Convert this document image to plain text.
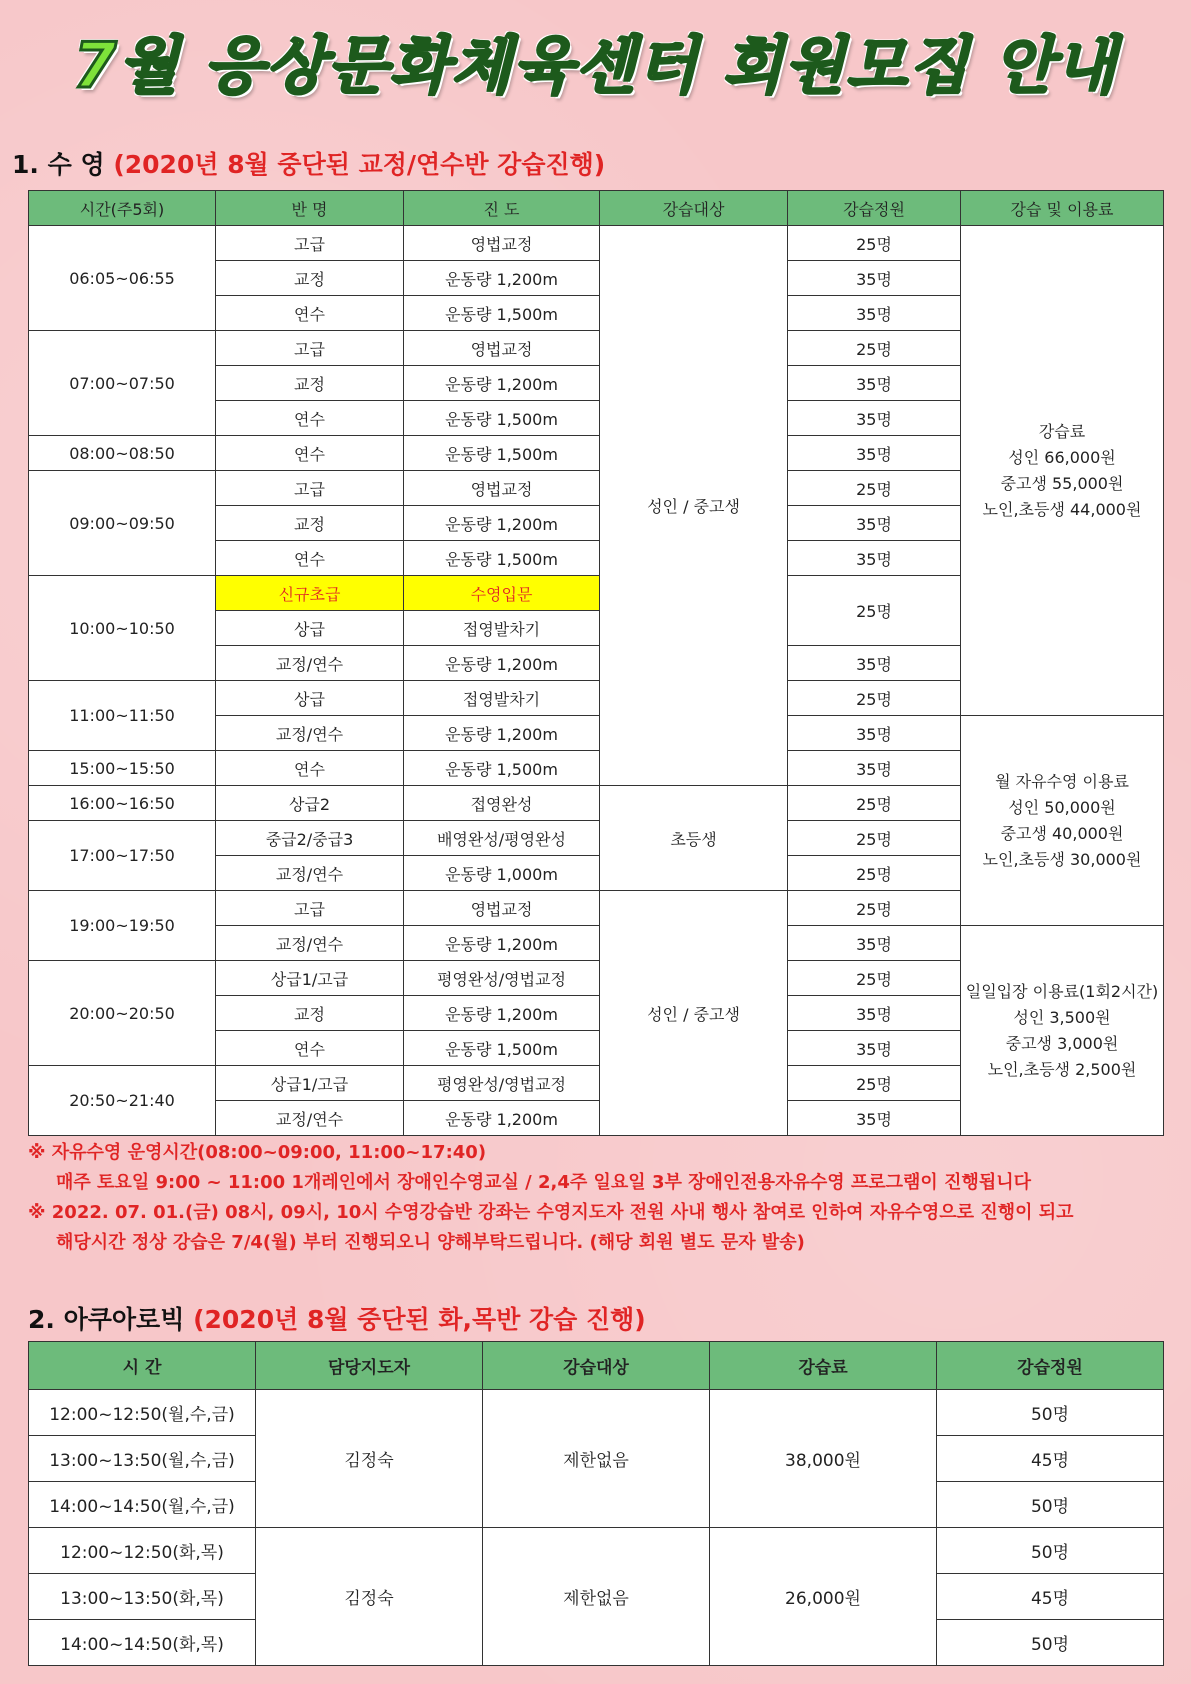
7월 응상문화체육센터 회원모집 안내
1. 수 영 (2020년 8월 중단된 교정/연수반 강습진행)
시간(주5회)	반 명	진 도	강습대상	강습정원	강습 및 이용료
06:05~06:55	고급	영법교정	성인 / 중고생	25명	강습료
성인 66,000원
중고생 55,000원
노인,초등생 44,000원

	교정	운동량 1,200m		35명	
	연수	운동량 1,500m		35명	
07:00~07:50	고급	영법교정		25명	
	교정	운동량 1,200m		35명	
	연수	운동량 1,500m		35명	
08:00~08:50	연수	운동량 1,500m		35명	
09:00~09:50	고급	영법교정		25명	
	교정	운동량 1,200m		35명	
	연수	운동량 1,500m		35명	
10:00~10:50	신규초급	수영입문		25명	
	상급	접영발차기			
	교정/연수	운동량 1,200m		35명	
11:00~11:50	상급	접영발차기		25명	
	교정/연수	운동량 1,200m		35명	월 자유수영 이용료
성인 50,000원
중고생 40,000원
노인,초등생 30,000원

15:00~15:50	연수	운동량 1,500m		35명	
16:00~16:50	상급2	접영완성	초등생	25명	
17:00~17:50	중급2/중급3	배영완성/평영완성		25명	
	교정/연수	운동량 1,000m		25명	
19:00~19:50	고급	영법교정	성인 / 중고생	25명	
	교정/연수	운동량 1,200m		35명	일일입장 이용료(1회2시간)
성인 3,500원
중고생 3,000원
노인,초등생 2,500원

20:00~20:50	상급1/고급	평영완성/영법교정		25명	
	교정	운동량 1,200m		35명	
	연수	운동량 1,500m		35명	
20:50~21:40	상급1/고급	평영완성/영법교정		25명	
	교정/연수	운동량 1,200m		35명	
※ 자유수영 운영시간(08:00~09:00, 11:00~17:40)
매주 토요일 9:00 ~ 11:00 1개레인에서 장애인수영교실 / 2,4주 일요일 3부 장애인전용자유수영 프로그램이 진행됩니다
※ 2022. 07. 01.(금) 08시, 09시, 10시 수영강습반 강좌는 수영지도자 전원 사내 행사 참여로 인하여 자유수영으로 진행이 되고
해당시간 정상 강습은 7/4(월) 부터 진행되오니 양해부탁드립니다. (해당 회원 별도 문자 발송)
2. 아쿠아로빅 (2020년 8월 중단된 화,목반 강습 진행)
시 간	담당지도자	강습대상	강습료	강습정원
12:00~12:50(월,수,금)	김정숙	제한없음	38,000원	50명
13:00~13:50(월,수,금)				45명
14:00~14:50(월,수,금)				50명
12:00~12:50(화,목)	김정숙	제한없음	26,000원	50명
13:00~13:50(화,목)				45명
14:00~14:50(화,목)				50명
